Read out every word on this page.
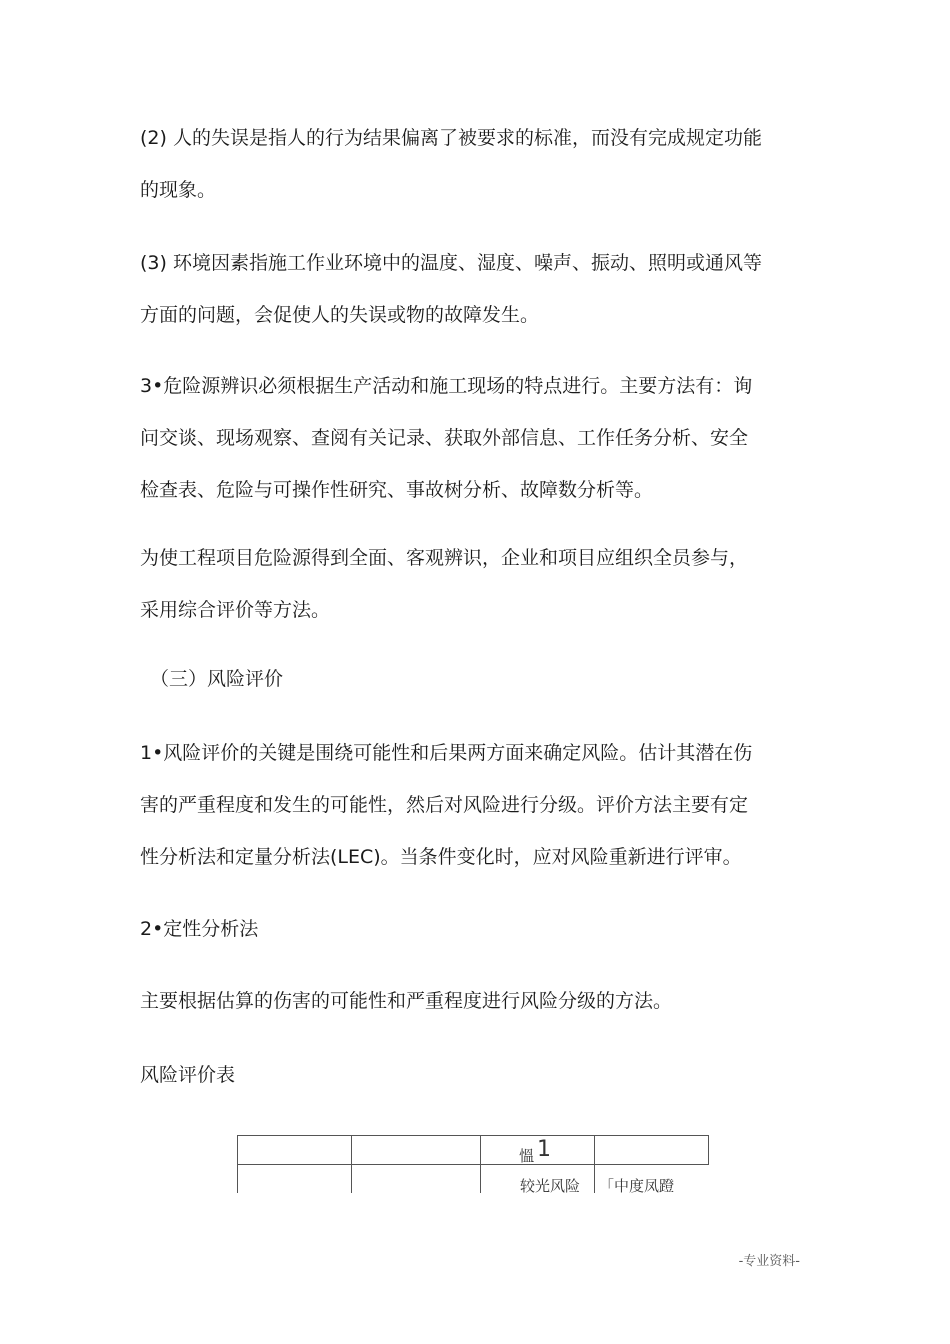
(2) 人的失误是指人的行为结果偏离了被要求的标准，而没有完成规定功能
的现象。
(3) 环境因素指施工作业环境中的温度、湿度、噪声、振动、照明或通风等
方面的问题，会促使人的失误或物的故障发生。
3•危险源辨识必须根据生产活动和施工现场的特点进行。主要方法有：询
问交谈、现场观察、查阅有关记录、获取外部信息、工作任务分析、安全
检查表、危险与可操作性研究、事故树分析、故障数分析等。
为使工程项目危险源得到全面、客观辨识，企业和项目应组织全员参与，
采用综合评价等方法。
（三）风险评价
1•风险评价的关键是围绕可能性和后果两方面来确定风险。估计其潜在伤
害的严重程度和发生的可能性，然后对风险进行分级。评价方法主要有定
性分析法和定量分析法(LEC)。当条件变化时，应对风险重新进行评审。
2•定性分析法
主要根据估算的伤害的可能性和严重程度进行风险分级的方法。
风险评价表
慍 1
较光风险 「中度凤蹬
-专业资料-
